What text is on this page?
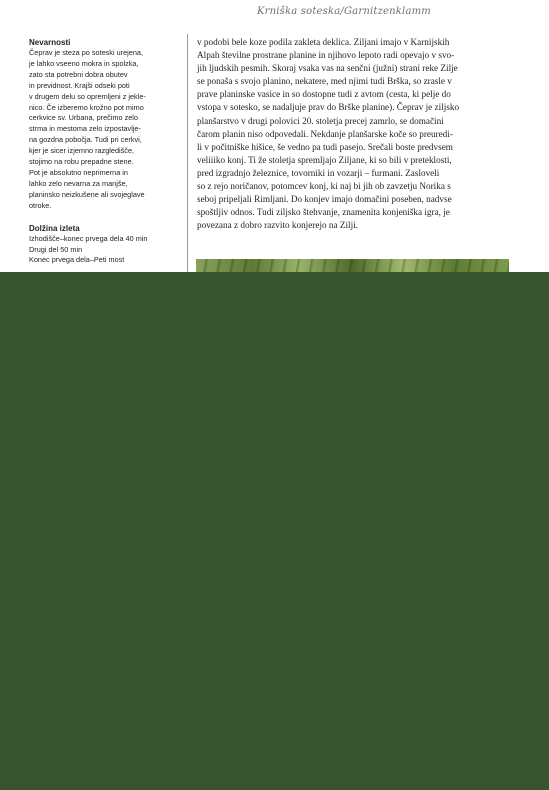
Krniška soteska/Garnitzenklamm

Nevarnosti

Čeprav je steza po soteski urejena,

je lahko vseeno mokra in spolzka,

zato sta potrebni dobra obutev

in previdnost. Krajši odseki poti

v drugem delu so opremljeni z jekle-

nico. Če izberemo krožno pot mimo

cerkvice sv. Urbana, prečimo zelo

strma in mestoma zelo izpostavlje-

na gozdna pobočja. Tudi pri cerkvi,

kjer je sicer izjemno razgledišče,

stojimo na robu prepadne stene.

Pot je absolutno neprimerna in

lahko zelo nevarna za manjše,

planinsko neizkušene ali svojeglave

otroke.

Dolžina izleta

Izhodišče–konec prvega dela 40 min

Drugi del 50 min

Konec prvega dela–Peti most

v podobi bele koze podila zakleta deklica. Ziljani imajo v Karnijskih

Alpah številne prostrane planine in njihovo lepoto radi opevajo v svo-

jih ljudskih pesmih. Skoraj vsaka vas na senčni (južni) strani reke Zilje

se ponaša s svojo planino, nekatere, med njimi tudi Brška, so zrasle v

prave planinske vasice in so dostopne tudi z avtom (cesta, ki pelje do

vstopa v sotesko, se nadaljuje prav do Brške planine). Čeprav je ziljsko

planšarstvo v drugi polovici 20. stoletja precej zamrlo, se domačini

čarom planin niso odpovedali. Nekdanje planšarske koče so preuredi-

li v počitniške hišice, še vedno pa tudi pasejo. Srečali boste predvsem

veliiiko konj. Ti že stoletja spremljajo Ziljane, ki so bili v preteklosti,

pred izgradnjo železnice, tovorniki in vozarji – furmani. Zasloveli

so z rejo noričanov, potomcev konj, ki naj bi jih ob zavzetju Norika s

seboj pripeljali Rimljani. Do konjev imajo domačini poseben, nadvse

spoštljiv odnos. Tudi ziljsko štehvanje, znamenita konjeniška igra, je

povezana z dobro razvito konjerejo na Zilji.
